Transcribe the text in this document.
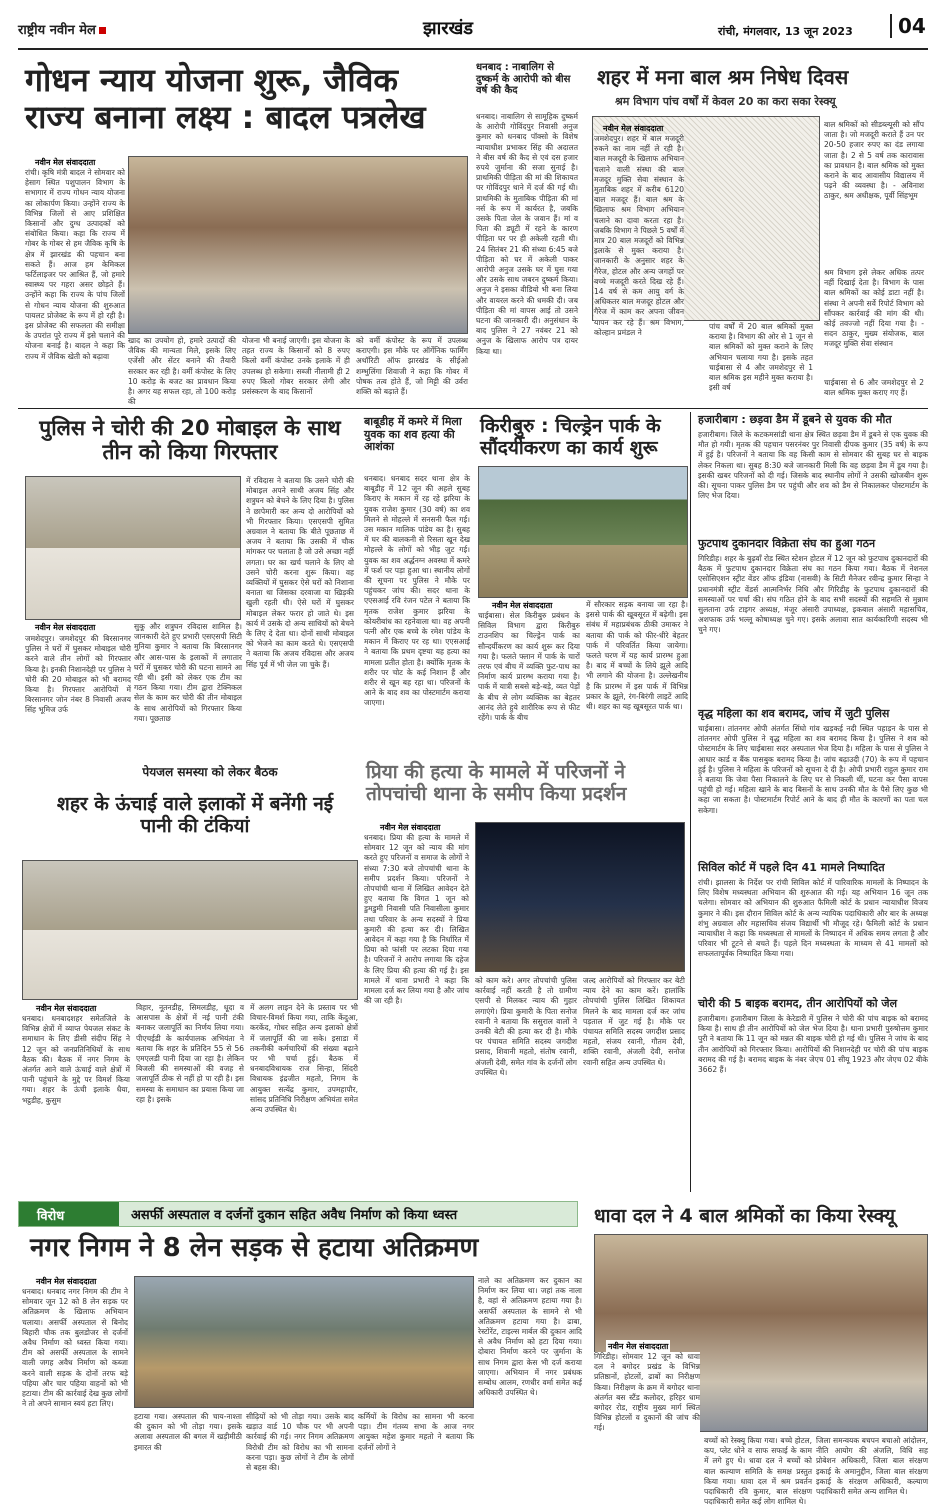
राष्ट्रीय नवीन मेल	झारखंड	रांची, मंगलवार, 13 जून 2023	04
गोधन न्याय योजना शुरू, जैविक राज्य बनाना लक्ष्य : बादल पत्रलेख
नवीन मेल संवाददाता
रांची। कृषि मंत्री बादल ने सोमवार को हेसाग स्थित पशुपालन विभाग के सभागार में राज्य गोधन न्याय योजना का लोकार्पण किया। उन्होंने राज्य के विभिन्न जिलों से आए प्रशिक्षित किसानों और दुग्ध उत्पादकों को संबोधित किया। कहा कि राज्य में गोबर के गोबर से हम जैविक कृषि के क्षेत्र में झारखंड की पहचान बना सकते हैं। आज हम केमिकल फर्टिलाइजर पर आश्रित हैं, जो हमारे स्वास्थ्य पर गहरा असर छोड़ते हैं। उन्होंने कहा कि राज्य के पांच जिलों से गोधन न्याय योजना की शुरुआत पायलट प्रोजेक्ट के रूप में हो रही है। इस प्रोजेक्ट की सफलता की समीक्षा के उपरांत पूरे राज्य में इसे चलाने की योजना बनाई है। बादल ने कहा कि राज्य में जैविक खेती को बढ़ावा
खाद का उपयोग हो, हमारे उत्पादों की जैविक की मान्यता मिले, इसके लिए एजेंसी और सेंटर बनाने की तैयारी सरकार कर रही है। वर्मी कंपोस्ट के लिए 10 करोड़ के बजट का प्रावधान किया है। अगर यह सफल रहा, तो 100 करोड़ की
योजना भी बनाई जाएगी। इस योजना के तहत राज्य के किसानों को 8 रुपए किलो वर्मी कंपोस्ट उनके इलाके में ही उपलब्ध हो सकेगा। सब्जी नीलामी ही 2 रुपए किलो गोबर सरकार लेगी और प्रसंस्करण के बाद किसानों
को वर्मी कंपोस्ट के रूप में उपलब्ध कराएगी। इस मौके पर ऑर्गेनिक फार्मिंग अथॉरिटी ऑफ झारखंड के सीईओ शम्भुलिंगा शिवाजी ने कहा कि गोबर में पोषक तत्व होते हैं, जो मिट्टी की उर्वरा शक्ति को बढ़ाते हैं।
धनबाद : नाबालिग से दुष्कर्म के आरोपी को बीस वर्ष की कैद
धनबाद। नाबालिग से सामूहिक दुष्कर्म के आरोपी गोविंदपुर निवासी अनुज कुमार को धनबाद पॉक्सो के विशेष न्यायाधीश प्रभाकर सिंह की अदालत ने बीस वर्ष की कैद से एवं दस हजार रुपये जुर्माना की सजा सुनाई है। प्राथमिकी पीड़िता की मां की शिकायत पर गोविंदपुर थाने में दर्ज की गई थी। प्राथमिकी के मुताबिक पीड़िता की मां नर्स के रूप में कार्यरत है, जबकि उसके पिता जेल के जवान हैं। मां व पिता की ड्यूटी में रहने के कारण पीड़िता घर पर ही अकेली रहती थी। 24 सितंबर 21 की संध्या 6:45 बजे पीड़िता को घर में अकेली पाकर आरोपी अनुज उसके घर में घुस गया और उसके साथ जबरन दुष्कर्म किया। अनुज ने इसका वीडियो भी बना लिया और वायरल करने की धमकी दी। जब पीड़िता की मां वापस आई तो उसने घटना की जानकारी दी। अनुसंधान के बाद पुलिस ने 27 नवंबर 21 को अनुज के खिलाफ आरोप पत्र दायर किया था।
शहर में मना बाल श्रम निषेध दिवस
श्रम विभाग पांच वर्षों में केवल 20 का करा सका रेस्क्यू
नवीन मेल संवाददाता
जमशेदपुर। शहर में बाल मजदूरी रुकने का नाम नहीं ले रही है। बाल मजदूरी के खिलाफ अभियान चलाने वाली संस्था की बाल मजदूर मुक्ति सेवा संस्थान के मुताबिक शहर में करीब 6120 बाल मजदूर हैं। बाल श्रम के खिलाफ श्रम विभाग अभियान चलाने का दावा करता रहा है। जबकि विभाग ने पिछले 5 वर्षों में मात्र 20 बाल मजदूरों को विभिन्न इलाके से मुक्त कराया है। जानकारी के अनुसार शहर के गैरेज, होटल और अन्य जगहों पर बच्चे मजदूरी करते दिख रहे हैं। 14 वर्ष से कम आयु वर्ग के अधिकतर बाल मजदूर होटल और गैरेज में काम कर अपना जीवन यापन कर रहे हैं। श्रम विभाग, कोल्हान प्रमंडल ने
पांच वर्षों में 20 बाल श्रमिकों मुक्त कराया है। विभाग की ओर से 1 जून से बाल श्रमिकों को मुक्त कराने के लिए अभियान चलाया गया है। इसके तहत चाईबासा से 4 और जमशेदपुर से 1 बाल श्रमिक इस महीने मुक्त कराया है। इसी वर्ष
बाल श्रमिकों को सीडब्ल्यूसी को सौंप जाता है। जो मजदूरी कराते हैं उन पर 20-50 हजार रुपए का दंड लगाया जाता है। 2 से 5 वर्ष तक कारावास का प्रावधान है। बाल श्रमिक को मुक्त कराने के बाद आवासीय विद्यालय में पढ़ने की व्यवस्था है। - अविनाश ठाकुर, श्रम अधीक्षक, पूर्वी सिंहभूम
श्रम विभाग इसे लेकर अधिक तत्पर नहीं दिखाई देता है। विभाग के पास बाल श्रमिकों का कोई डाटा नहीं है। संस्था ने अपनी सर्वे रिपोर्ट विभाग को सौंपकर कार्रवाई की मांग की थी। कोई तवज्जो नहीं दिया गया है। - सदन ठाकुर, मुख्य संयोजक, बाल मजदूर मुक्ति सेवा संस्थान
चाईबासा से 6 और जमशेदपुर से 2 बाल श्रमिक मुक्त कराए गए हैं।
पुलिस ने चोरी की 20 मोबाइल के साथ तीन को किया गिरफ्तार
नवीन मेल संवाददाता
जमशेदपुर। जमशेदपुर की बिरसानगर पुलिस ने घरों में घुसकर मोबाइल चोरी करने वाले तीन लोगों को गिरफ्तार किया है। इनकी निशानदेही पर पुलिस ने चोरी की 20 मोबाइल को भी बरामद किया है। गिरफ्तार आरोपियों में बिरसानगर जोन नंबर 8 निवासी अजय सिंह भूमिज उर्फ
सुकू और शत्रुघन रविदास शामिल है। जानकारी देते हुए प्रभारी एसएसपी सिटी मुनिया कुमार ने बताया कि बिरसानगर और आस-पास के इलाकों में लगातार घरों में घुसकर चोरी की घटना सामने आ रही थी। इसी को लेकर एक टीम का गठन किया गया। टीम द्वारा टेक्निकल सेल के काम कर चोरी की तीन मोबाइल के साथ आरोपियों को गिरफ्तार किया गया। पूछताछ
में रविदास ने बताया कि उसने चोरी की मोबाइल अपने साथी अजय सिंह और शत्रुघन को बेचने के लिए दिया है। पुलिस ने छापेमारी कर अन्य दो आरोपियों को भी गिरफ्तार किया। एसएसपी सुमित अग्रवाल ने बताया कि बीते पूछताछ में अजय ने बताया कि उसकी में चौक मांगकर पर चलाता है जो उसे अच्छा नहीं लगता। घर का खर्च चलाने के लिए वो उसने चोरी करना शुरू किया। वह व्यक्तियों में घुसकर ऐसे घरों को निशाना बनाता था जिसका दरवाजा या खिड़की खुली रहती थी। ऐसे घरों में घुसकर मोबाइल लेकर फरार हो जाते थे। इस कार्य में उसके दो अन्य साथियों को बेचने के लिए दे देता था। दोनों साथी मोबाइल को भेजने का काम करते थे। एसएसपी ने बताया कि अजय रविदास और अजय सिंह पूर्व में भी जेल जा चुके हैं।
बाबूडीह में कमरे में मिला युवक का शव हत्या की आशंका
धनबाद। धनबाद सदर थाना क्षेत्र के बाबूडीह में 12 जून की अहले सुबह किराए के मकान में रह रहे झरिया के युवक राजेश कुमार (30 वर्ष) का शव मिलने से मोहल्ले में सनसनी फैल गई। उस मकान मालिक पांडेय का है। सुबह में घर की बालकनी से रिसता खून देख मोहल्ले के लोगों को भीड़ जुट गई। युवक का शव अर्द्धनग्न अवस्था में कमरे में फर्श पर पड़ा हुआ था। स्थानीय लोगों की सूचना पर पुलिस ने मौके पर पहुंचकर जांच की। सदर थाना के एएसआई रवि रंजन पटेल ने बताया कि मृतक राजेश कुमार झरिया के कोयरीबांध का रहनेवाला था। वह अपनी पत्नी और एक बच्चे के रमेश पांडेय के मकान में किराए पर रह था। एएसआई ने बताया कि प्रथम दृष्टया यह हत्या का मामला प्रतीत होता है। क्योंकि मृतक के शरीर पर चोट के कई निशान हैं और शरीर से खून बह रहा था। परिजनों के आने के बाद शव का पोस्टमार्टम कराया जाएगा।
किरीबुरु : चिल्ड्रेन पार्क के सौंदर्यीकरण का कार्य शुरू
नवीन मेल संवाददाता
चाईबासा। सेल किरीबुरु प्रबंधन के सिविल विभाग द्वारा किरीबुरु टाउनशिप का चिल्ड्रेन पार्क का सौन्दर्यीकरण का कार्य शुरू कर दिया गया है। फलते फ्लान में पार्क के चारों तरफ एवं बीच में व्यक्ति फुट-पाथ का निर्माण कार्य प्रारम्भ कराया गया है। पार्क में यात्री सबसे बड़े-बड़े, व्यत पेड़ों के बीच से लोग व्यक्तिक का बेहतर आनंद लेते हुये शारीरिक रूप से फीट रहेंगे। पार्क के बीच
में सौरकार सड़क बनाया जा रहा है। इससे पार्क की खूबसूरत में बढ़ेगी। इस संबंध में महाप्रबंधक ठीकी उमाकर ने बताया की पार्क को फीर-धीरे बेहतर पार्क में परिवर्तित किया जायेगा। फलते चरण में यह कार्य प्रारम्भ हुआ है। बाद में बच्चों के लिये झूले आदि भी लगाने की योजना है। उल्लेखनीय है कि प्रारम्भ में इस पार्क में विभिन्न प्रकार के झूले, रंग-बिरंगी लाइटें आदि थी। शहर का यह खूबसूरत पार्क था।
पेयजल समस्या को लेकर बैठक
शहर के ऊंचाई वाले इलाकों में बनेंगी नई पानी की टंकियां
नवीन मेल संवाददाता
धनबाद। धनबादशहर समेतजिले के विभिन्न क्षेत्रों में व्याप्त पेयजल संकट के समाधान के लिए डीसी संदीप सिंह ने 12 जून को जनप्रतिनिधियों के साथ बैठक की। बैठक में नगर निगम के अंतर्गत आने वाले ऊंचाई वाले क्षेत्रों में पानी पहुंचाने के मुद्दे पर विमर्श किया गया। शहर के ऊंची इलाके धैया, भट्ठडीह, कुसुम
विहार, नूतनडीह, सिमलडीह, धूदा व आसपास के क्षेत्रों में नई पानी टंकी बनाकर जलापूर्ति का निर्णय लिया गया। पीएचईडी के कार्यपालक अभियंता ने बताया कि शहर के प्रतिदिन 55 से 56 एमएलडी पानी दिया जा रहा है। लेकिन बिजली की समस्याओं की वजह से जलापूर्ति ठीक से नहीं हो पा रही है। इस समस्या के समाधान का प्रयास किया जा रहा है। इसके
में अलग लाइन देने के प्रस्ताव पर भी विचार-विमर्श किया गया, ताकि केंदुआ, करकेंद, गोधर सहित अन्य इलाको क्षेत्रों में जलापूर्ति की जा सके। इसाडा में तकनीकी कर्मचारियों की संख्या बढ़ाने पर भी चर्चा हुई। बैठक में धनबादविधायक राज सिन्हा, सिंदरी विधायक इंद्रजीत महतो, निगम के आयुक्त सत्येंद्र कुमार, उपमहापौर, सांसद प्रतिनिधि निरीक्षण अभियंता समेत अन्य उपस्थित थे।
प्रिया की हत्या के मामले में परिजनों ने तोपचांची थाना के समीप किया प्रदर्शन
नवीन मेल संवाददाता
धनबाद। प्रिया की हत्या के मामले में सोमवार 12 जून को न्याय की मांग करते हुए परिजनों व समाज के लोगों ने संध्या 7:30 बजे तोपचांची थाना के समीप प्रदर्शन किया। परिजनों ने तोपचांची थाना में लिखित आवेदन देते हुए बताया कि विगत 1 जून को डुमडुमी निवासी पति निवासीला कुमार तथा परिवार के अन्य सदस्यों ने प्रिया कुमारी की हत्या कर दी। लिखित आवेदन में कहा गया है कि निर्धारित मेंं प्रिया को फांसी पर लटका दिया गया है। परिजनों ने आरोप लगाया कि दहेज के लिए प्रिया की हत्या की गई है। इस मामले में थाना प्रभारी ने कहा कि मामला दर्ज कर लिया गया है और जांच की जा रही है।
को काम करे। अगर तोपचांची पुलिस कार्रवाई नहीं करती है तो ग्रामीण एसपी से मिलकर न्याय की गुहार लगाएंगे। प्रिया कुमारी के पिता सनोज रवानी ने बताया कि ससुराल वालों ने उनकी बेटी की हत्या कर दी है। मौके पर पंचायत समिति सदस्य जगदीश प्रसाद, शिवानी महतो, संतोष रवानी, अंजली देवी, समेत गांव के दर्जनों लोग उपस्थित थे।
जल्द आरोपियों को गिरफ्तार कर बेटी न्याय देने का काम करें। हालांकि तोपचांची पुलिस लिखित शिकायत मिलने के बाद मामला दर्ज कर जांच पड़ताल में जुट गई है। मौके पर पंचायत समिति सदस्य जगदीश प्रसाद महतो, संजय रवानी, गौतम देवी, शक्ति रवानी, अंजली देवी, सनोज रवानी सहित अन्य उपस्थित थे।
हजारीबाग : छड़वा डैम में डूबने से युवक की मौत
हजारीबाग। जिले के कटकमसांडी थाना क्षेत्र स्थित छड़वा डैम में डूबने से एक युवक की मौत हो गयी। मृतक की पहचान पसरनंबर पुर निवासी दीपक कुमार (35 वर्ष) के रूप में हुई है। परिजनों ने बताया कि वह किसी काम से सोमवार की सुबह घर से बाइक लेकर निकला था। सुबह 8:30 बजे जानकारी मिली कि वह छड़वा डैम में डूब गया है। इसकी खबर परिजनों को दी गई। जिसके बाद स्थानीय लोगों ने उसकी खोजबीन शुरू की। सूचना पाकर पुलिस डैम पर पहुंची और शव को डैम से निकालकर पोस्टमार्टम के लिए भेज दिया।
फुटपाथ दुकानदार विक्रेता संघ का हुआ गठन
गिरिडीह। शहर के बुढ़वाँ रोड स्थित स्टेशन होटल में 12 जून को फुटपाथ दुकानदारों की बैठक में फुटपाथ दुकानदार विक्रेता संघ का गठन किया गया। बैठक में नेशनल एसोसिएशन स्ट्रीट वेंडर ऑफ इंडिया (नासवी) के सिटी मैनेजर रवीन्द्र कुमार सिन्हा ने प्रधानमंत्री स्ट्रीट वेंडर्स आत्मनिर्भर निधि और गिरिडीह के फुटपाथ दुकानदारों की समस्याओं पर चर्चा की। संघ गठित होने के बाद सभी सदस्यों की सहमति से मुन्नाम सुलताना उर्फ टाइगर अध्यक्ष, मंजूर अंसारी उपाध्यक्ष, इकबाल अंसारी महासचिव, अशफाक उर्फ भल्लू कोषाध्यक्ष चुने गए। इसके अलावा सात कार्यकारिणी सदस्य भी चुने गए।
वृद्ध महिला का शव बरामद, जांच में जुटी पुलिस
चाईबासा। तांतनगर ओपी अंतर्गत सिंघो गांव खड़कई नदी स्थित पहाड़न के पास से तांतनगर ओपी पुलिस ने वृद्ध महिला का शव बरामद किया है। पुलिस ने शव को पोस्टमार्टम के लिए चाईबासा सदर अस्पताल भेज दिया है। महिला के पास से पुलिस ने आधार कार्ड व बैंक पासबुक बरामद किया है। जांच बढ़ाउदी (70) के रूप में पहचान हुई है। पुलिस ने महिला के परिजनों को सूचना दे दी है। ओपी प्रभारी राहुल कुमार राम ने बताया कि जेवा पैसा निकालने के लिए घर से निकली थीं, घटना कर पैसा वापस पहुंची हो गई। महिला खाने के बाद बिसनों के साथ उनकी मौत के पैसे लिए कुछ भी कहा जा सकता है। पोस्टमार्टम रिपोर्ट आने के बाद ही मौत के कारणों का पता चल सकेगा।
सिविल कोर्ट में पहले दिन 41 मामले निष्पादित
रांची। झालसा के निर्देश पर रांची सिविल कोर्ट में पारिवारिक मामलों के निष्पादन के लिए विशेष मध्यस्थता अभियान की शुरुआत की गई। यह अभियान 16 जून तक चलेगा। सोमवार को अभियान की शुरुआत फैमिली कोर्ट के प्रधान न्यायाधीश विजय कुमार ने की। इस दौरान सिविल कोर्ट के अन्य न्यायिक पदाधिकारी और बार के अध्यक्ष शंभु अग्रवाल और महासचिव संजय विद्यार्थी भी मौजूद रहे। फैमिली कोर्ट के प्रधान न्यायाधीश ने कहा कि मध्यस्थता से मामलों के निष्पादन में अधिक समय लगता है और परिवार भी टूटने से बचते हैं। पहले दिन मध्यस्थता के माध्यम से 41 मामलों को सफलतापूर्वक निष्पादित किया गया।
चोरी की 5 बाइक बरामद, तीन आरोपियों को जेल
हजारीबाग। हजारीबाग जिला के केरेडारी में पुलिस ने चोरी की पांच बाइक को बरामद किया है। साथ ही तीन आरोपियों को जेल भेज दिया है। थाना प्रभारी पुरुषोत्तम कुमार पुरी ने बताया कि 11 जून को मन्नत की बाइक चोरी हो गई थी। पुलिस ने जांच के बाद तीन आरोपियों को गिरफ्तार किया। आरोपियों की निशानदेही पर चोरी की पांच बाइक बरामद की गई है। बरामद बाइक के नंबर जेएच 01 सीयू 1923 और जेएच 02 बीके 3662 हैं।
विरोध	असर्फी अस्पताल व दर्जनों दुकान सहित अवैध निर्माण को किया ध्वस्त
नगर निगम ने 8 लेन सड़क से हटाया अतिक्रमण
नवीन मेल संवाददाता
धनबाद। धनबाद नगर निगम की टीम ने सोमवार जून 12 को 8 लेन सड़क पर अतिक्रमण के खिलाफ अभियान चलाया। असर्फी अस्पताल से बिनोद बिहारी चौक तक बुलडोजर से दर्जनों अवैध निर्माण को ध्वस्त किया गया। टीम को असर्फी अस्पताल के सामने वाली जगह अवैध निर्माण को कब्जा करने वाली सड़क के दोनों तरफ बड़े पहिया और चार पहिया वाहनों को भी हटाया। टीम की कार्रवाई देख कुछ लोगों ने तो अपने सामान स्वयं हटा लिए।
हटाया गया। अस्पताल की चाय-नाश्ता की दुकान को भी तोड़ा गया। इसके अलावा अस्पताल की बगल में खड़ीमीठी इमारत की
सीढ़ियों को भी तोड़ा गया। उसके बाद खड़ाउ वार्ड 10 चौक पर भी अपनी कार्रवाई की गई। नगर निगम अतिक्रमण विरोधी टीम को विरोध का भी सामना करना पड़ा। कुछ लोगों ने टीम के लोगों से बहस की।
कर्मियों के विरोध का सामना भी करना पड़ा। टीम गंतव्य सभा के आज नगर आयुक्त महेश कुमार महतो ने बताया कि दर्जनों लोगों ने
नाले का अतिक्रमण कर दुकान का निर्माण कर लिया था। जहां तक नाला है, वहां से अतिक्रमण हटाया गया है। असर्फी अस्पताल के सामने से भी अतिक्रमण हटाया गया है। ढाबा, रेस्टोरेंट, टाइल्स मार्बल की दुकान आदि से अवैध निर्माण को हटा दिया गया। दोबारा निर्माण करने पर जुर्माना के साथ निगम द्वारा केस भी दर्ज कराया जाएगा। अभियान में नगर प्रबंधक सम्बोध आलम, रणधीर वर्मा समेत कई अधिकारी उपस्थित थे।
धावा दल ने 4 बाल श्रमिकों का किया रेस्क्यू
नवीन मेल संवाददाता
गिरिडीह। सोमवार 12 जून को धावा दल ने बगोदर प्रखंड के विभिन्न प्रतिष्ठानों, होटलों, ढाबों का निरीक्षण किया। निरीक्षण के क्रम में बगोदर थाना अंतर्गत बस स्टैंड कलोदर, हरिहर धाम बगोदर रोड, राष्ट्रीय मुख्य मार्ग स्थित विभिन्न होटलों व दुकानों की जांच की गई।
बच्चों को रेस्क्यू किया गया। बच्चे होटल, कप, प्लेट धोने व साफ सफाई के काम में लगे हुए थे। धावा दल ने बच्चों को बाल कल्याण समिति के समक्ष प्रस्तुत किया गया। धावा दल में श्रम प्रवर्तन पदाधिकारी रवि कुमार, बाल संरक्षण पदाधिकारी समेत कई लोग शामिल थे।
जिला समन्वयक बचपन बचाओ आंदोलन, नीति आयोग की अंजलि, विधि सह प्रोबेशन अधिकारी, जिला बाल संरक्षण इकाई के अमानुद्दीन, जिला बाल संरक्षण इकाई के संरक्षण अधिकारी, कल्याण पदाधिकारी समेत अन्य शामिल थे।
